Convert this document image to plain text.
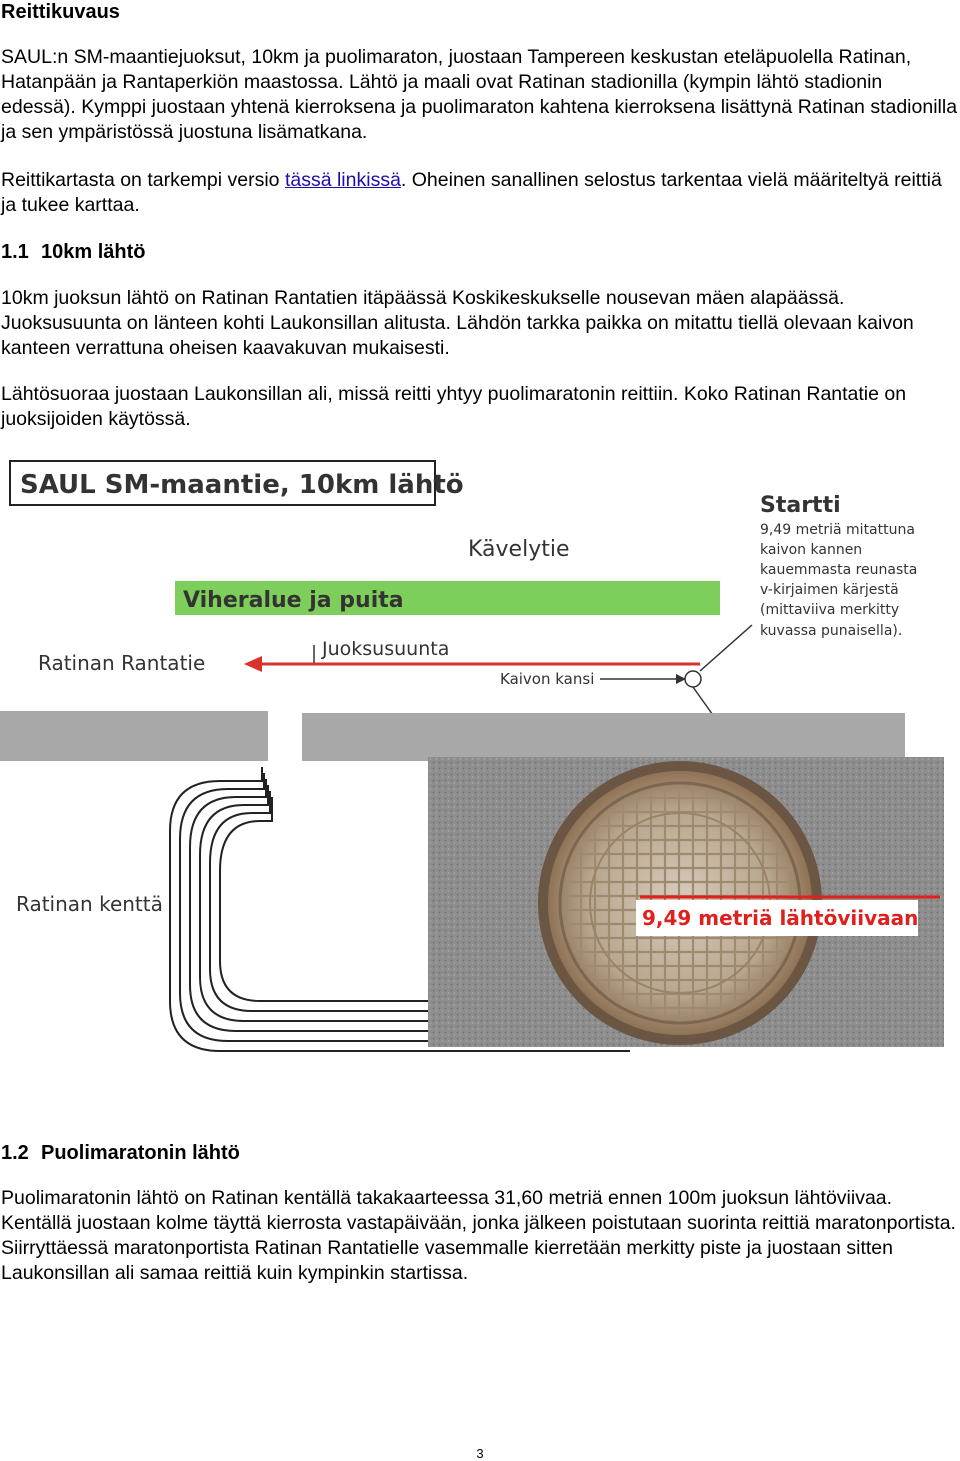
Reittikuvaus

SAUL:n SM-maantiejuoksut, 10km ja puolimaraton, juostaan Tampereen keskustan eteläpuolella Ratinan, Hatanpään ja Rantaperkiön maastossa. Lähtö ja maali ovat Ratinan stadionilla (kympin lähtö stadionin edessä). Kymppi juostaan yhtenä kierroksena ja puolimaraton kahtena kierroksena lisättynä Ratinan stadionilla ja sen ympäristössä juostuna lisämatkana.

Reittikartasta on tarkempi versio tässä linkissä. Oheinen sanallinen selostus tarkentaa vielä määriteltyä reittiä ja tukee karttaa.

1.1 10km lähtö

10km juoksun lähtö on Ratinan Rantatien itäpäässä Koskikeskukselle nousevan mäen alapäässä. Juoksusuunta on länteen kohti Laukonsillan alitusta. Lähdön tarkka paikka on mitattu tiellä olevaan kaivon kanteen verrattuna oheisen kaavakuvan mukaisesti.

Lähtösuoraa juostaan Laukonsillan ali, missä reitti yhtyy puolimaratonin reittiin. Koko Ratinan Rantatie on juoksijoiden käytössä.

SAUL SM-maantie, 10km lähtö
Kävelytie
Viheralue ja puita
Ratinan Rantatie
Juoksusuunta
Kaivon kansi
Startti
9,49 metriä mitattuna
kaivon kannen
kauemmasta reunasta
v-kirjaimen kärjestä
(mittaviiva merkitty
kuvassa punaisella).
Ratinan kenttä
9,49 metriä lähtöviivaan
1.2 Puolimaratonin lähtö

Puolimaratonin lähtö on Ratinan kentällä takakaarteessa 31,60 metriä ennen 100m juoksun lähtöviivaa. Kentällä juostaan kolme täyttä kierrosta vastapäivään, jonka jälkeen poistutaan suorinta reittiä maratonportista. Siirryttäessä maratonportista Ratinan Rantatielle vasemmalle kierretään merkitty piste ja juostaan sitten Laukonsillan ali samaa reittiä kuin kympinkin startissa.

3
